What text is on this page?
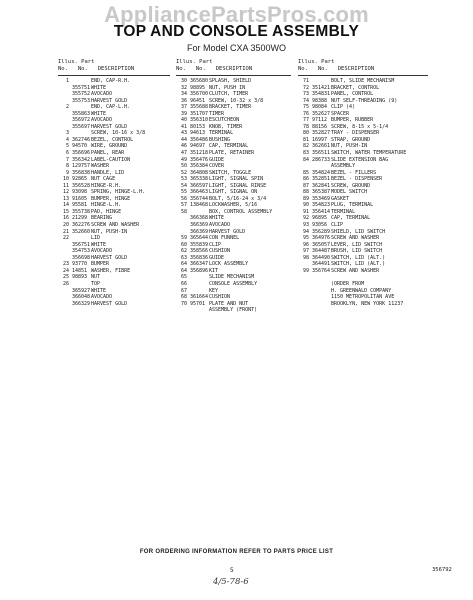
AppliancePartsPros.com
TOP AND CONSOLE ASSEMBLY
For Model CXA 3500WO
Illus. Part
No.   No.   DESCRIPTION
1	END, CAP-R.H.
355751 WHITE
355752 AVOCADO
355753 HARVEST GOLD
2	END, CAP-L.H.
355863 WHITE
356972 AVOCADO
355697 HARVEST GOLD
3	SCREW, 10-16 x 3/8
4 362746 BEZEL, CONTROL
5 94570 WIRE, GROUND
6 356696 PANEL, REAR
7 356342 LABEL-CAUTION
8 129757 WASHER
9 356838 HANDLE, LID
10 92865 NUT CAGE
11 356528 HINGE-R.H.
12 93098 SPRING, HINGE-L.H.
13 91605 BUMPER, HINGE
14 95581 HINGE-L.H.
15 355738 PAD, HINGE
16 21299 BEARING
20 362276 SCREW AND WASHER
21 352660 NUT, PUSH-IN
22	LID
356751 WHITE
354753 AVOCADO
356698 HARVEST GOLD
23 93770 BUMPER
24 14851 WASHER, FIBRE
25 98893 NUT
26	TOP
365927 WHITE
366048 AVOCADO
366329 HARVEST GOLD
Illus. Part
No.   No.   DESCRIPTION
30 365680 SPLASH, SHIELD
32 98895 NUT, PUSH IN
34 356700 CLUTCH, TIMER
36 96451 SCREW, 10-32 x 3/8
37 355688 BRACKET, TIMER
39 351707 TIMER
40 356310 ESCUTCHEON
41 80153 KNOB, TIMER
43 94613 TERMINAL
44 356486 BUSHING
46 94697 CAP, TERMINAL
47 351218 PLATE, RETAINER
49 356476 GUIDE
50 356384 COVER
52 364808 SWITCH, TOGGLE
53 365338 LIGHT, SIGNAL SPIN
54 366597 LIGHT, SIGNAL RINSE
55 366463 LIGHT, SIGNAL ON
56 356744 BOLT, 5/16-24 x 3/4
57 138468 LOCKWASHER, 5/16
58	BOX, CONTROL ASSEMBLY
366368 WHITE
366369 AVOCADO
366369 HARVEST GOLD
59 365644 CON FUNNEL
60 355839 CLIP
62 358566 CUSHION
63 356836 GUIDE
64 366347 LOCK ASSEMBLY
64 356896 KIT
65	SLIDE MECHANISM
66	CONSOLE ASSEMBLY
67	KEY
68 361664 CUSHION
70 95701 PLATE AND NUT
ASSEMBLY (FRONT)
Illus. Part
No.   No.   DESCRIPTION
71	BOLT, SLIDE MECHANISM
72 351421 BRACKET, CONTROL
73 354831 PANEL, CONTROL
74 98388 NUT SELF-THREADING (9)
75 98084 CLIP (4)
76 352627 SPACER
77 97112 BUMPER, RUBBER
78 88156 SCREW, 8-15 x 5-1/4
80 352827 TRAY - DISPENSER
81 16997 STRAP, GROUND
82 362661 NUT, PUSH-IN
83 356511 SWITCH, WATER TEMPERATURE
84 286733 SLIDE EXTENSION BAG
ASSEMBLY
85 354824 BEZEL - FILLERS
86 352851 BEZEL - DISPENSER
87 362841 SCREW, GROUND
88 365387 MODEL SWITCH
89 353469 GASKET
90 354823 PLUG, TERMINAL
91 356414 TERMINAL
92 96895 CAP, TERMINAL
93 93056 CLIP
94 356289 SHIELD, LID SWITCH
95 364976 SCREW AND WASHER
96 365057 LEVER, LID SWITCH
97 364487 BRUSH, LID SWITCH
98 364490 SWITCH, LID (ALT.)
364491 SWITCH, LID (ALT.)
99 356764 SCREW AND WASHER
(ORDER FROM
H. GREENWALD COMPANY
1150 METROPOLITAN AVE
BROOKLYN, NEW YORK 11237
FOR ORDERING INFORMATION REFER TO PARTS PRICE LIST
5	356792
4/5-78-6
